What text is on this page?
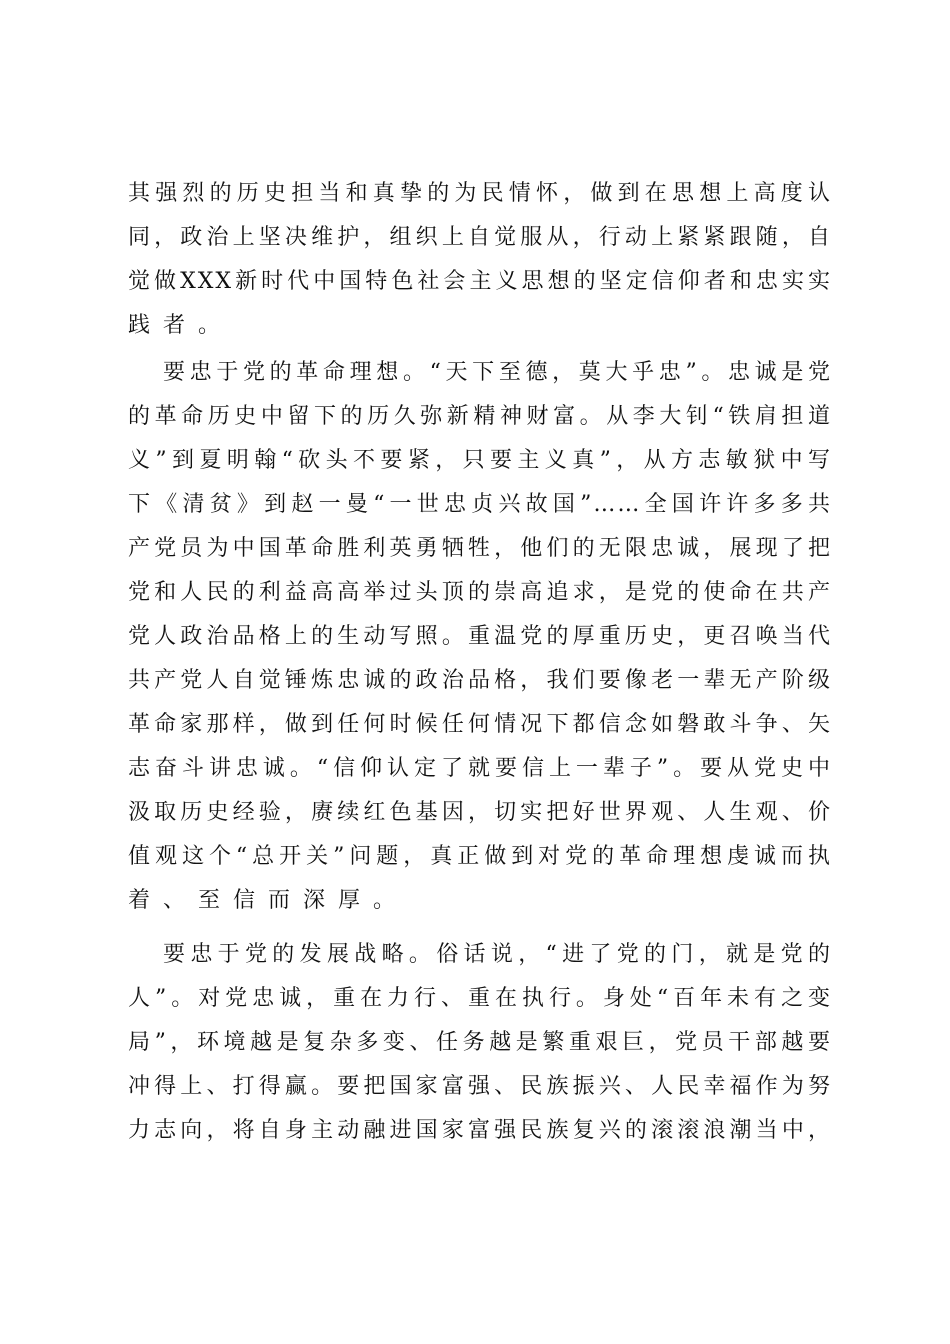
其强烈的历史担当和真挚的为民情怀，做到在思想上高度认
同，政治上坚决维护，组织上自觉服从，行动上紧紧跟随，自
觉做XXX新时代中国特色社会主义思想的坚定信仰者和忠实实
践者。
要忠于党的革命理想。“天下至德，莫大乎忠”。忠诚是党
的革命历史中留下的历久弥新精神财富。从李大钊“铁肩担道
义”到夏明翰“砍头不要紧，只要主义真”，从方志敏狱中写
下《清贫》到赵一曼“一世忠贞兴故国”……全国许许多多共
产党员为中国革命胜利英勇牺牲，他们的无限忠诚，展现了把
党和人民的利益高高举过头顶的崇高追求，是党的使命在共产
党人政治品格上的生动写照。重温党的厚重历史，更召唤当代
共产党人自觉锤炼忠诚的政治品格，我们要像老一辈无产阶级
革命家那样，做到任何时候任何情况下都信念如磐敢斗争、矢
志奋斗讲忠诚。“信仰认定了就要信上一辈子”。要从党史中
汲取历史经验，赓续红色基因，切实把好世界观、人生观、价
值观这个“总开关”问题，真正做到对党的革命理想虔诚而执
着、至信而深厚。
要忠于党的发展战略。俗话说，“进了党的门，就是党的
人”。对党忠诚，重在力行、重在执行。身处“百年未有之变
局”，环境越是复杂多变、任务越是繁重艰巨，党员干部越要
冲得上、打得赢。要把国家富强、民族振兴、人民幸福作为努
力志向，将自身主动融进国家富强民族复兴的滚滚浪潮当中，
